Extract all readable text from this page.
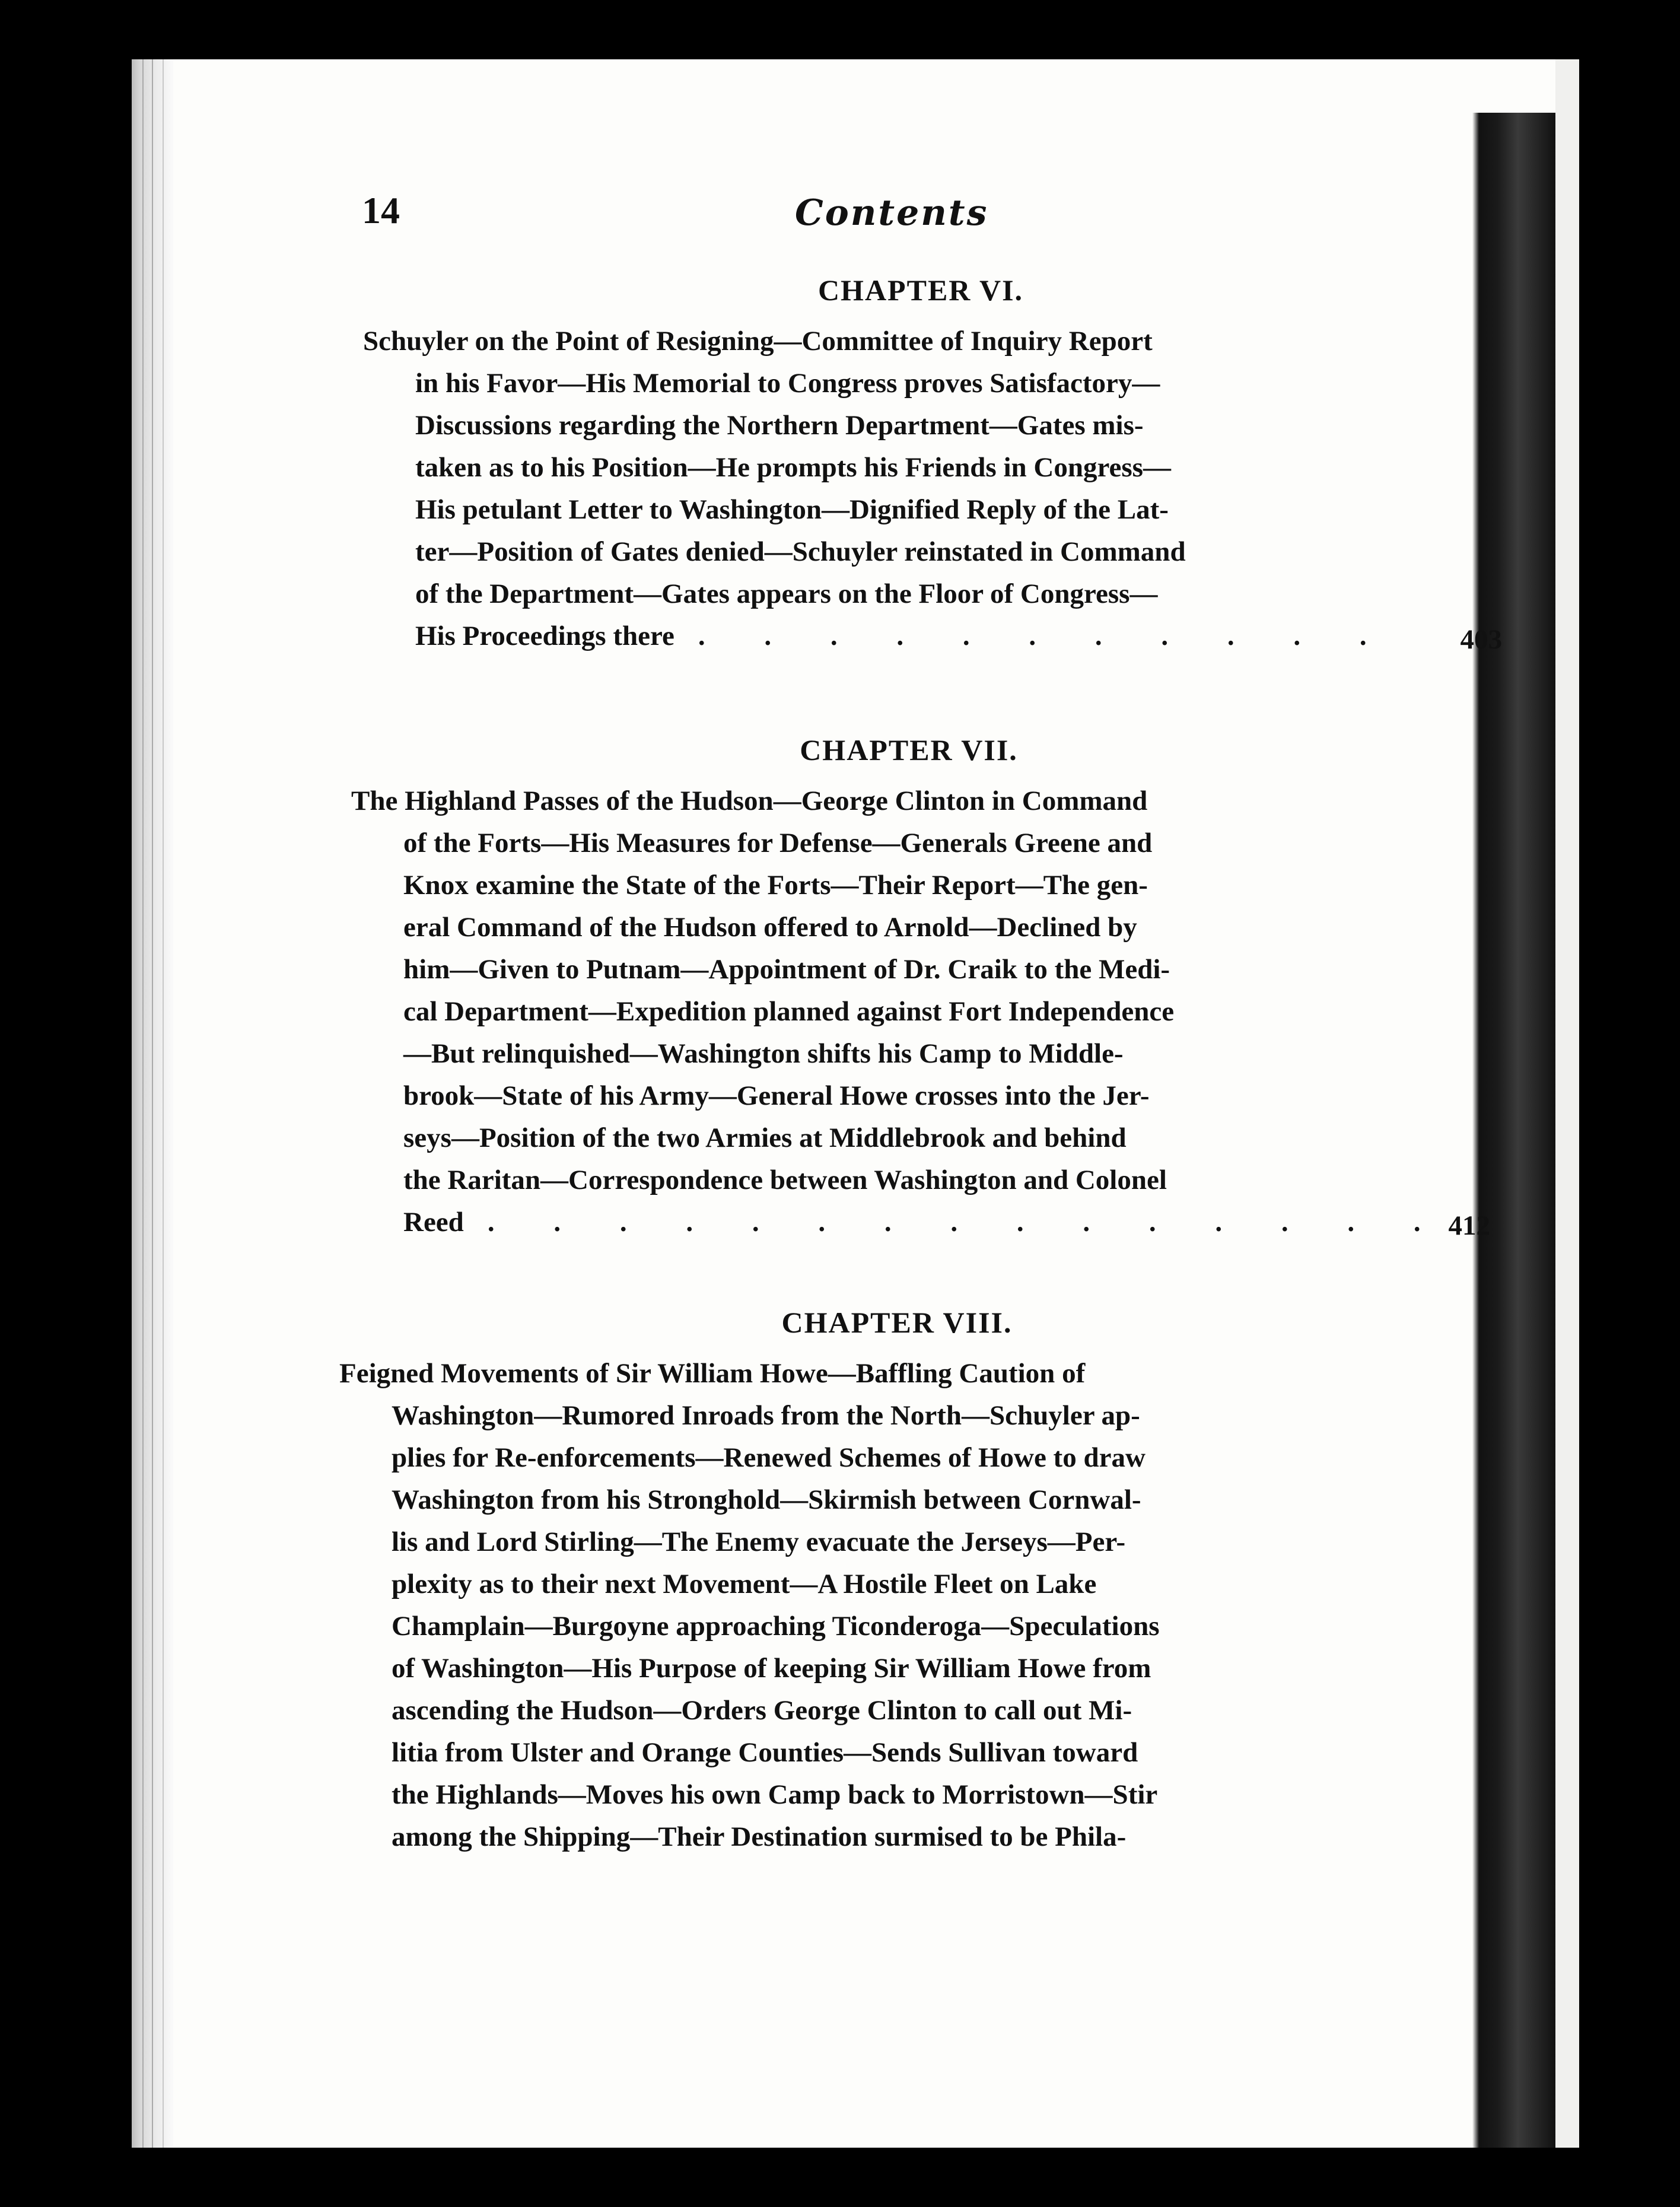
14	Contents
CHAPTER VI.
Schuyler on the Point of Resigning—Committee of Inquiry Report
in his Favor—His Memorial to Congress proves Satisfactory—
Discussions regarding the Northern Department—Gates mis-
taken as to his Position—He prompts his Friends in Congress—
His petulant Letter to Washington—Dignified Reply of the Lat-
ter—Position of Gates denied—Schuyler reinstated in Command
of the Department—Gates appears on the Floor of Congress—
His Proceedings there . . . . . . . . . . . 403
CHAPTER VII.
The Highland Passes of the Hudson—George Clinton in Command
of the Forts—His Measures for Defense—Generals Greene and
Knox examine the State of the Forts—Their Report—The gen-
eral Command of the Hudson offered to Arnold—Declined by
him—Given to Putnam—Appointment of Dr. Craik to the Medi-
cal Department—Expedition planned against Fort Independence
—But relinquished—Washington shifts his Camp to Middle-
brook—State of his Army—General Howe crosses into the Jer-
seys—Position of the two Armies at Middlebrook and behind
the Raritan—Correspondence between Washington and Colonel
Reed . . . . . . . . . . . . . . . 412
CHAPTER VIII.
Feigned Movements of Sir William Howe—Baffling Caution of
Washington—Rumored Inroads from the North—Schuyler ap-
plies for Re-enforcements—Renewed Schemes of Howe to draw
Washington from his Stronghold—Skirmish between Cornwal-
lis and Lord Stirling—The Enemy evacuate the Jerseys—Per-
plexity as to their next Movement—A Hostile Fleet on Lake
Champlain—Burgoyne approaching Ticonderoga—Speculations
of Washington—His Purpose of keeping Sir William Howe from
ascending the Hudson—Orders George Clinton to call out Mi-
litia from Ulster and Orange Counties—Sends Sullivan toward
the Highlands—Moves his own Camp back to Morristown—Stir
among the Shipping—Their Destination surmised to be Phila-
